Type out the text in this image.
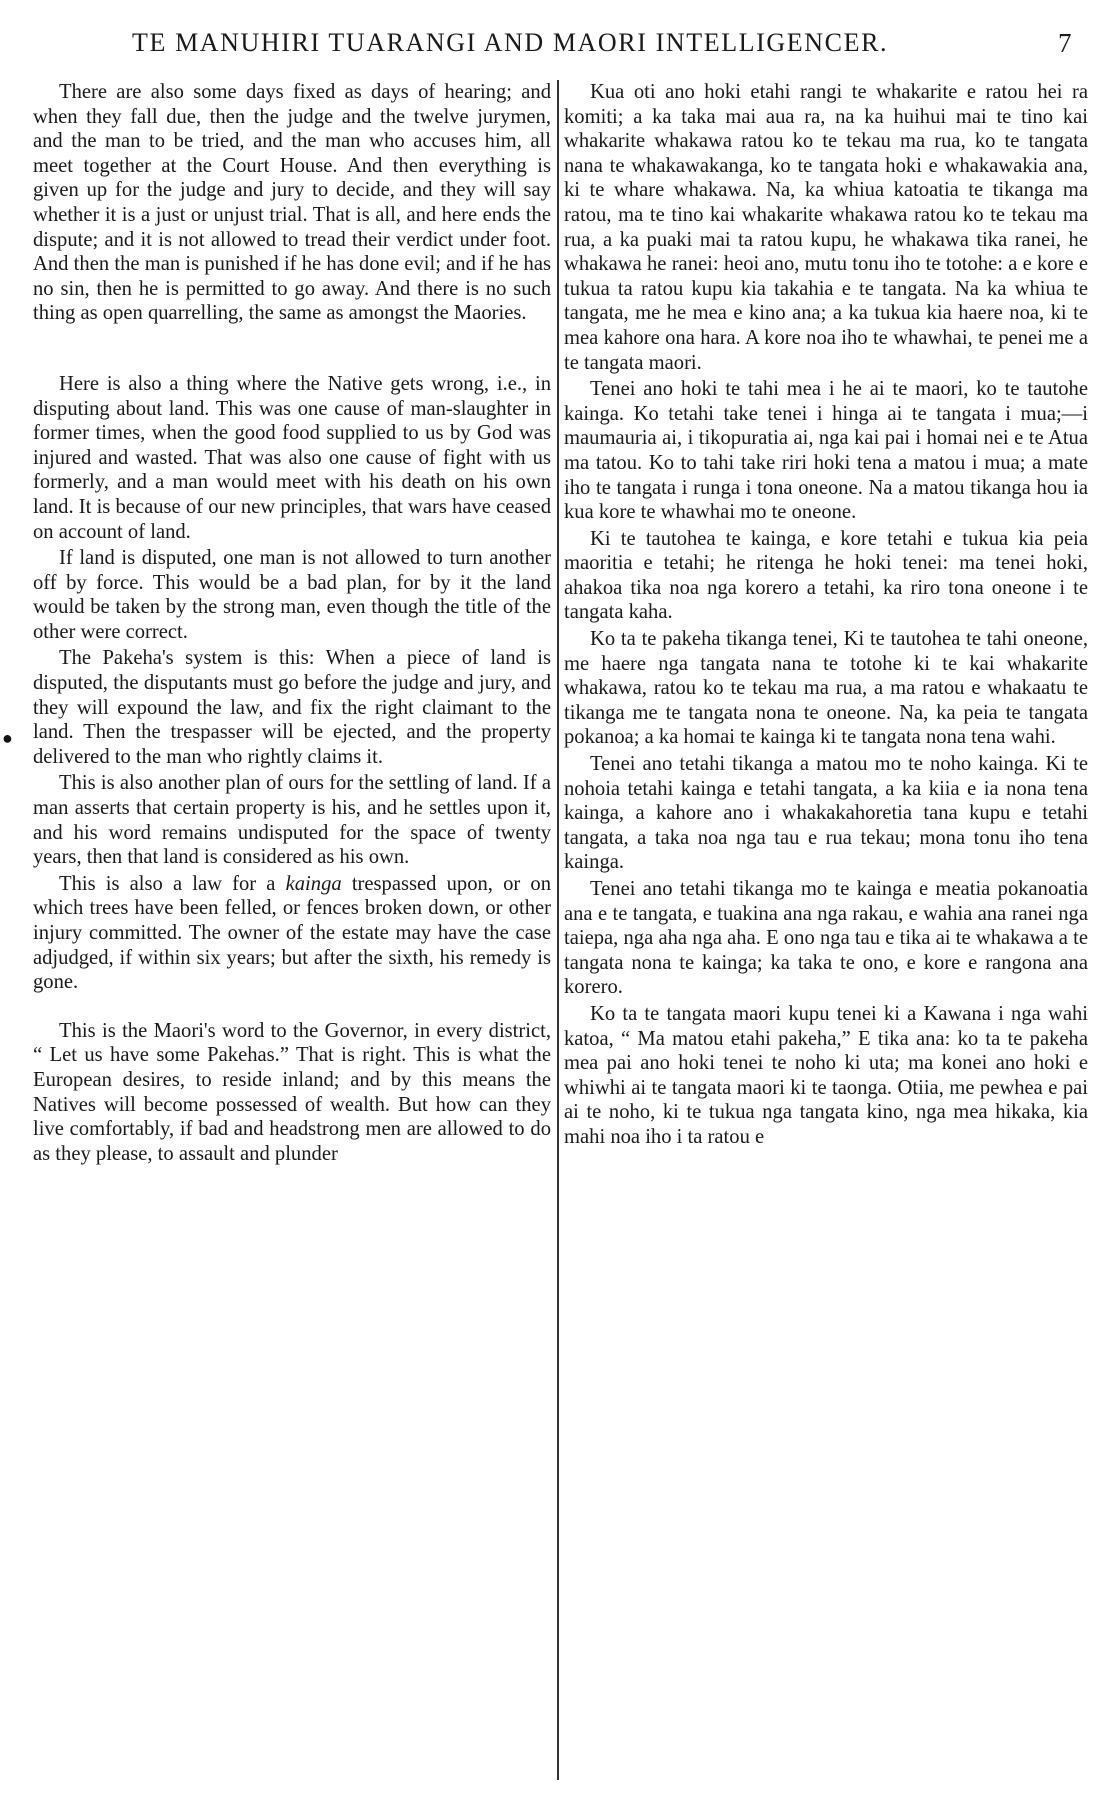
TE MANUHIRI TUARANGI AND MAORI INTELLIGENCER.	7
●

There are also some days fixed as days of hearing; and when they fall due, then the judge and the twelve jurymen, and the man to be tried, and the man who accuses him, all meet together at the Court House. And then everything is given up for the judge and jury to decide, and they will say whether it is a just or unjust trial. That is all, and here ends the dispute; and it is not allowed to tread their verdict under foot. And then the man is punished if he has done evil; and if he has no sin, then he is permitted to go away. And there is no such thing as open quarrelling, the same as amongst the Maories.

Here is also a thing where the Native gets wrong, i.e., in disputing about land. This was one cause of man-slaughter in former times, when the good food supplied to us by God was injured and wasted. That was also one cause of fight with us formerly, and a man would meet with his death on his own land. It is because of our new principles, that wars have ceased on account of land.

If land is disputed, one man is not allowed to turn another off by force. This would be a bad plan, for by it the land would be taken by the strong man, even though the title of the other were correct.

The Pakeha's system is this: When a piece of land is disputed, the disputants must go before the judge and jury, and they will expound the law, and fix the right claimant to the land. Then the trespasser will be ejected, and the property delivered to the man who rightly claims it.

This is also another plan of ours for the settling of land. If a man asserts that certain property is his, and he settles upon it, and his word remains undisputed for the space of twenty years, then that land is considered as his own.

This is also a law for a kainga trespassed upon, or on which trees have been felled, or fences broken down, or other injury committed. The owner of the estate may have the case adjudged, if within six years; but after the sixth, his remedy is gone.

This is the Maori's word to the Governor, in every district, “ Let us have some Pakehas.” That is right. This is what the European desires, to reside inland; and by this means the Natives will become possessed of wealth. But how can they live comfortably, if bad and headstrong men are allowed to do as they please, to assault and plunder

Kua oti ano hoki etahi rangi te whakarite e ratou hei ra komiti; a ka taka mai aua ra, na ka huihui mai te tino kai whakarite whakawa ratou ko te tekau ma rua, ko te tangata nana te whakawakanga, ko te tangata hoki e whakawakia ana, ki te whare whakawa. Na, ka whiua katoatia te tikanga ma ratou, ma te tino kai whakarite whakawa ratou ko te tekau ma rua, a ka puaki mai ta ratou kupu, he whakawa tika ranei, he whakawa he ranei: heoi ano, mutu tonu iho te totohe: a e kore e tukua ta ratou kupu kia takahia e te tangata. Na ka whiua te tangata, me he mea e kino ana; a ka tukua kia haere noa, ki te mea kahore ona hara. A kore noa iho te whawhai, te penei me a te tangata maori.

Tenei ano hoki te tahi mea i he ai te maori, ko te tautohe kainga. Ko tetahi take tenei i hinga ai te tangata i mua;—i maumauria ai, i tikopuratia ai, nga kai pai i homai nei e te Atua ma tatou. Ko to tahi take riri hoki tena a matou i mua; a mate iho te tangata i runga i tona oneone. Na a matou tikanga hou ia kua kore te whawhai mo te oneone.

Ki te tautohea te kainga, e kore tetahi e tukua kia peia maoritia e tetahi; he ritenga he hoki tenei: ma tenei hoki, ahakoa tika noa nga korero a tetahi, ka riro tona oneone i te tangata kaha.

Ko ta te pakeha tikanga tenei, Ki te tautohea te tahi oneone, me haere nga tangata nana te totohe ki te kai whakarite whakawa, ratou ko te tekau ma rua, a ma ratou e whakaatu te tikanga me te tangata nona te oneone. Na, ka peia te tangata pokanoa; a ka homai te kainga ki te tangata nona tena wahi.

Tenei ano tetahi tikanga a matou mo te noho kainga. Ki te nohoia tetahi kainga e tetahi tangata, a ka kiia e ia nona tena kainga, a kahore ano i whakakahoretia tana kupu e tetahi tangata, a taka noa nga tau e rua tekau; mona tonu iho tena kainga.

Tenei ano tetahi tikanga mo te kainga e meatia pokanoatia ana e te tangata, e tuakina ana nga rakau, e wahia ana ranei nga taiepa, nga aha nga aha. E ono nga tau e tika ai te whakawa a te tangata nona te kainga; ka taka te ono, e kore e rangona ana korero.

Ko ta te tangata maori kupu tenei ki a Kawana i nga wahi katoa, “ Ma matou etahi pakeha,” E tika ana: ko ta te pakeha mea pai ano hoki tenei te noho ki uta; ma konei ano hoki e whiwhi ai te tangata maori ki te taonga. Otiia, me pewhea e pai ai te noho, ki te tukua nga tangata kino, nga mea hikaka, kia mahi noa iho i ta ratou e
